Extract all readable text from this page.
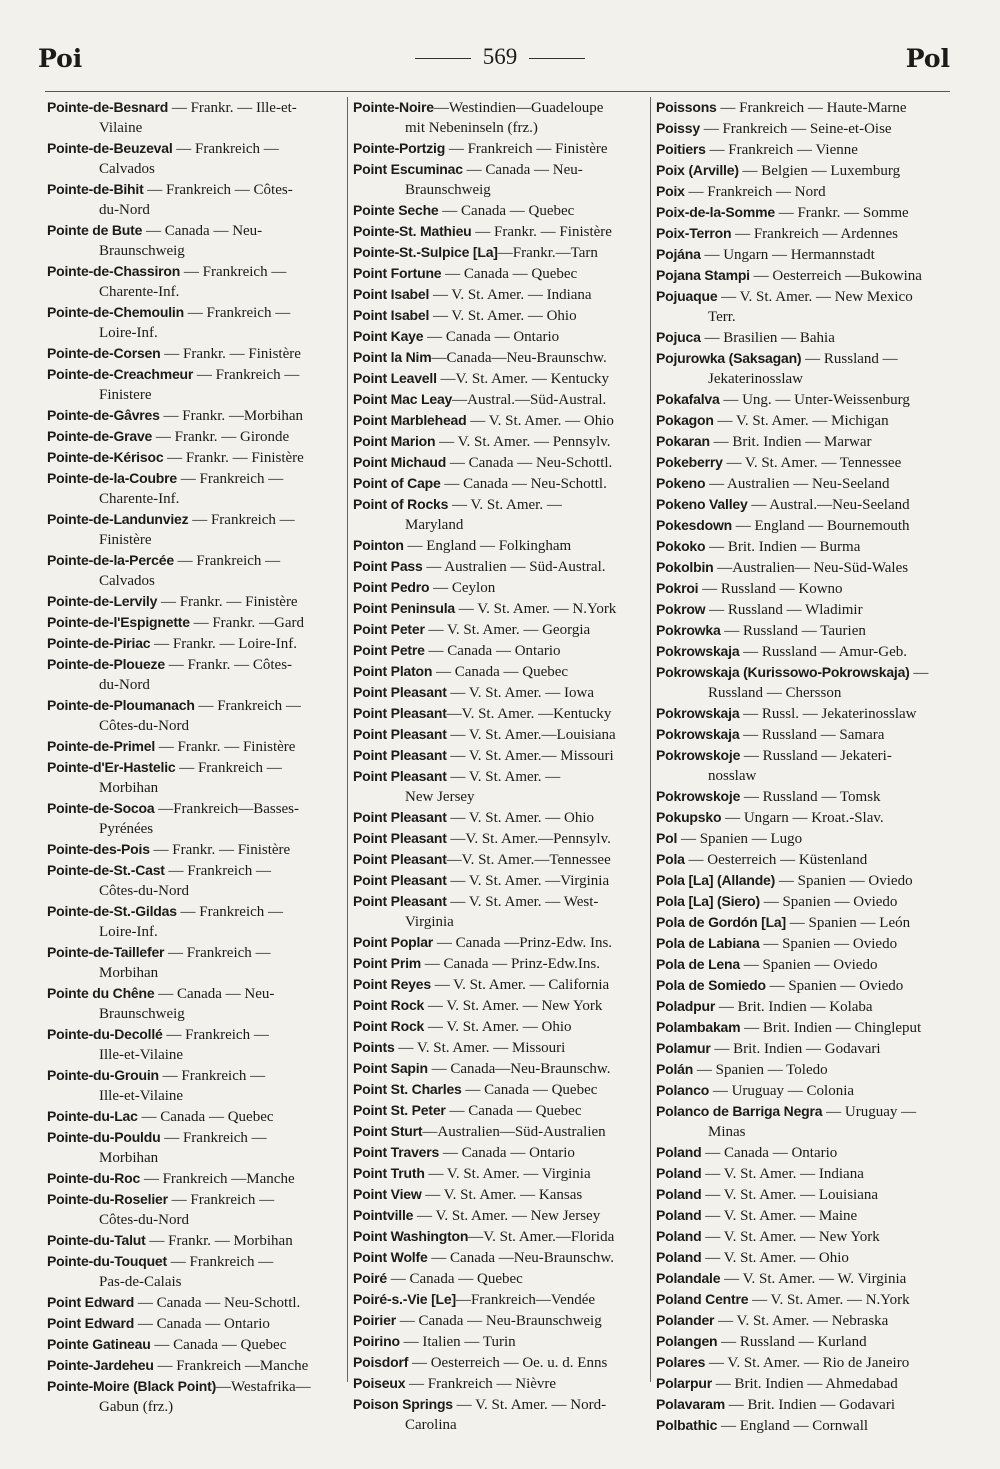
Poi	569	Pol
Pointe-de-Besnard — Frankr. — Ille-et-
Vilaine
Pointe-de-Beuzeval — Frankreich —
Calvados
Pointe-de-Bihit — Frankreich — Côtes-
du-Nord
Pointe de Bute — Canada — Neu-
Braunschweig
Pointe-de-Chassiron — Frankreich —
Charente-Inf.
Pointe-de-Chemoulin — Frankreich —
Loire-Inf.
Pointe-de-Corsen — Frankr. — Finistère
Pointe-de-Creachmeur — Frankreich —
Finistere
Pointe-de-Gâvres — Frankr. —Morbihan
Pointe-de-Grave — Frankr. — Gironde
Pointe-de-Kérisoc — Frankr. — Finistère
Pointe-de-la-Coubre — Frankreich —
Charente-Inf.
Pointe-de-Landunviez — Frankreich —
Finistère
Pointe-de-la-Percée — Frankreich —
Calvados
Pointe-de-Lervily — Frankr. — Finistère
Pointe-de-l'Espignette — Frankr. —Gard
Pointe-de-Piriac — Frankr. — Loire-Inf.
Pointe-de-Ploueze — Frankr. — Côtes-
du-Nord
Pointe-de-Ploumanach — Frankreich —
Côtes-du-Nord
Pointe-de-Primel — Frankr. — Finistère
Pointe-d'Er-Hastelic — Frankreich —
Morbihan
Pointe-de-Socoa —Frankreich—Basses-
Pyrénées
Pointe-des-Pois — Frankr. — Finistère
Pointe-de-St.-Cast — Frankreich —
Côtes-du-Nord
Pointe-de-St.-Gildas — Frankreich —
Loire-Inf.
Pointe-de-Taillefer — Frankreich —
Morbihan
Pointe du Chêne — Canada — Neu-
Braunschweig
Pointe-du-Decollé — Frankreich —
Ille-et-Vilaine
Pointe-du-Grouin — Frankreich —
Ille-et-Vilaine
Pointe-du-Lac — Canada — Quebec
Pointe-du-Pouldu — Frankreich —
Morbihan
Pointe-du-Roc — Frankreich —Manche
Pointe-du-Roselier — Frankreich —
Côtes-du-Nord
Pointe-du-Talut — Frankr. — Morbihan
Pointe-du-Touquet — Frankreich —
Pas-de-Calais
Point Edward — Canada — Neu-Schottl.
Point Edward — Canada — Ontario
Pointe Gatineau — Canada — Quebec
Pointe-Jardeheu — Frankreich —Manche
Pointe-Moire (Black Point)—Westafrika—
Gabun (frz.)
Pointe-Noire—Westindien—Guadeloupe
mit Nebeninseln (frz.)
Pointe-Portzig — Frankreich — Finistère
Point Escuminac — Canada — Neu-
Braunschweig
Pointe Seche — Canada — Quebec
Pointe-St. Mathieu — Frankr. — Finistère
Pointe-St.-Sulpice [La]—Frankr.—Tarn
Point Fortune — Canada — Quebec
Point Isabel — V. St. Amer. — Indiana
Point Isabel — V. St. Amer. — Ohio
Point Kaye — Canada — Ontario
Point la Nim—Canada—Neu-Braunschw.
Point Leavell —V. St. Amer. — Kentucky
Point Mac Leay—Austral.—Süd-Austral.
Point Marblehead — V. St. Amer. — Ohio
Point Marion — V. St. Amer. — Pennsylv.
Point Michaud — Canada — Neu-Schottl.
Point of Cape — Canada — Neu-Schottl.
Point of Rocks — V. St. Amer. —
Maryland
Pointon — England — Folkingham
Point Pass — Australien — Süd-Austral.
Point Pedro — Ceylon
Point Peninsula — V. St. Amer. — N.York
Point Peter — V. St. Amer. — Georgia
Point Petre — Canada — Ontario
Point Platon — Canada — Quebec
Point Pleasant — V. St. Amer. — Iowa
Point Pleasant—V. St. Amer. —Kentucky
Point Pleasant — V. St. Amer.—Louisiana
Point Pleasant — V. St. Amer.— Missouri
Point Pleasant — V. St. Amer. —
New Jersey
Point Pleasant — V. St. Amer. — Ohio
Point Pleasant —V. St. Amer.—Pennsylv.
Point Pleasant—V. St. Amer.—Tennessee
Point Pleasant — V. St. Amer. —Virginia
Point Pleasant — V. St. Amer. — West-
Virginia
Point Poplar — Canada —Prinz-Edw. Ins.
Point Prim — Canada — Prinz-Edw.Ins.
Point Reyes — V. St. Amer. — California
Point Rock — V. St. Amer. — New York
Point Rock — V. St. Amer. — Ohio
Points — V. St. Amer. — Missouri
Point Sapin — Canada—Neu-Braunschw.
Point St. Charles — Canada — Quebec
Point St. Peter — Canada — Quebec
Point Sturt—Australien—Süd-Australien
Point Travers — Canada — Ontario
Point Truth — V. St. Amer. — Virginia
Point View — V. St. Amer. — Kansas
Pointville — V. St. Amer. — New Jersey
Point Washington—V. St. Amer.—Florida
Point Wolfe — Canada —Neu-Braunschw.
Poiré — Canada — Quebec
Poiré-s.-Vie [Le]—Frankreich—Vendée
Poirier — Canada — Neu-Braunschweig
Poirino — Italien — Turin
Poisdorf — Oesterreich — Oe. u. d. Enns
Poiseux — Frankreich — Nièvre
Poison Springs — V. St. Amer. — Nord-
Carolina
Poissons — Frankreich — Haute-Marne
Poissy — Frankreich — Seine-et-Oise
Poitiers — Frankreich — Vienne
Poix (Arville) — Belgien — Luxemburg
Poix — Frankreich — Nord
Poix-de-la-Somme — Frankr. — Somme
Poix-Terron — Frankreich — Ardennes
Pojána — Ungarn — Hermannstadt
Pojana Stampi — Oesterreich —Bukowina
Pojuaque — V. St. Amer. — New Mexico
Terr.
Pojuca — Brasilien — Bahia
Pojurowka (Saksagan) — Russland —
Jekaterinosslaw
Pokafalva — Ung. — Unter-Weissenburg
Pokagon — V. St. Amer. — Michigan
Pokaran — Brit. Indien — Marwar
Pokeberry — V. St. Amer. — Tennessee
Pokeno — Australien — Neu-Seeland
Pokeno Valley — Austral.—Neu-Seeland
Pokesdown — England — Bournemouth
Pokoko — Brit. Indien — Burma
Pokolbin —Australien— Neu-Süd-Wales
Pokroi — Russland — Kowno
Pokrow — Russland — Wladimir
Pokrowka — Russland — Taurien
Pokrowskaja — Russland — Amur-Geb.
Pokrowskaja (Kurissowo-Pokrowskaja) —
Russland — Chersson
Pokrowskaja — Russl. — Jekaterinosslaw
Pokrowskaja — Russland — Samara
Pokrowskoje — Russland — Jekateri-
nosslaw
Pokrowskoje — Russland — Tomsk
Pokupsko — Ungarn — Kroat.-Slav.
Pol — Spanien — Lugo
Pola — Oesterreich — Küstenland
Pola [La] (Allande) — Spanien — Oviedo
Pola [La] (Siero) — Spanien — Oviedo
Pola de Gordón [La] — Spanien — León
Pola de Labiana — Spanien — Oviedo
Pola de Lena — Spanien — Oviedo
Pola de Somiedo — Spanien — Oviedo
Poladpur — Brit. Indien — Kolaba
Polambakam — Brit. Indien — Chingleput
Polamur — Brit. Indien — Godavari
Polán — Spanien — Toledo
Polanco — Uruguay — Colonia
Polanco de Barriga Negra — Uruguay —
Minas
Poland — Canada — Ontario
Poland — V. St. Amer. — Indiana
Poland — V. St. Amer. — Louisiana
Poland — V. St. Amer. — Maine
Poland — V. St. Amer. — New York
Poland — V. St. Amer. — Ohio
Polandale — V. St. Amer. — W. Virginia
Poland Centre — V. St. Amer. — N.York
Polander — V. St. Amer. — Nebraska
Polangen — Russland — Kurland
Polares — V. St. Amer. — Rio de Janeiro
Polarpur — Brit. Indien — Ahmedabad
Polavaram — Brit. Indien — Godavari
Polbathic — England — Cornwall
